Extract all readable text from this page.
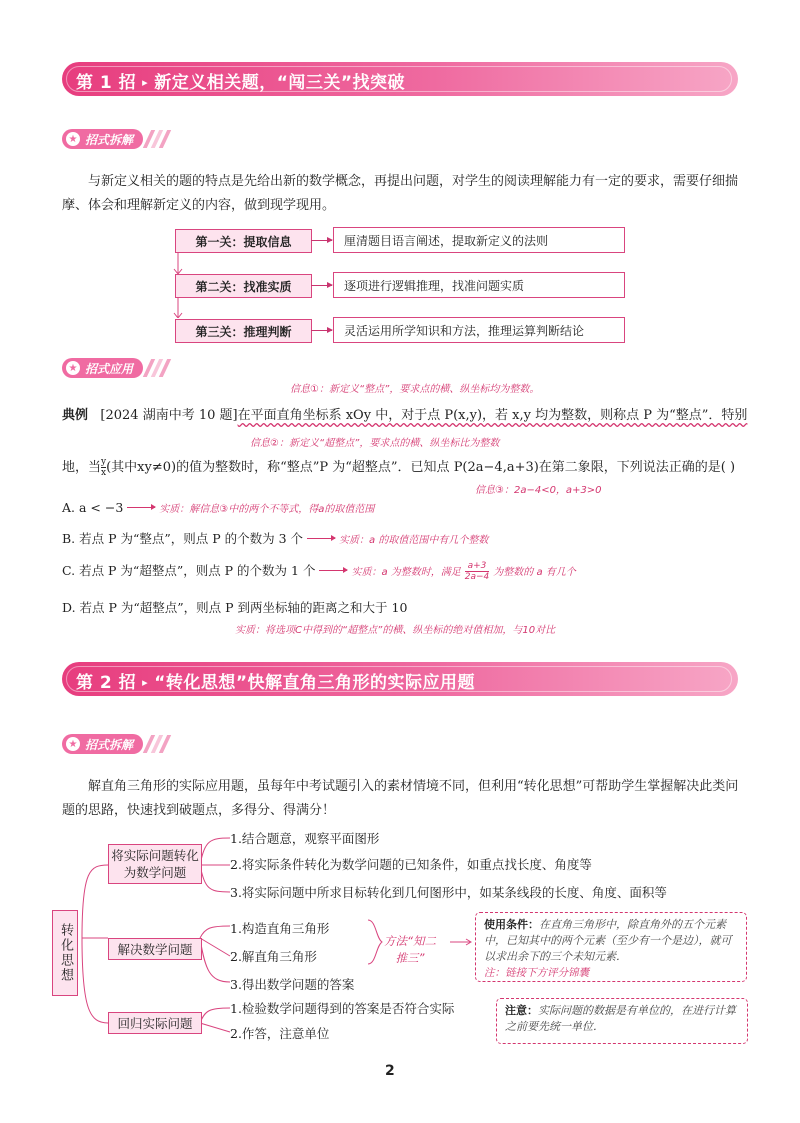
第 1 招 ▸ 新定义相关题，“闯三关”找突破
★ 招式拆解
与新定义相关的题的特点是先给出新的数学概念，再提出问题，对学生的阅读理解能力有一定的要求，需要仔细揣摩、体会和理解新定义的内容，做到现学现用。
第一关：提取信息	厘清题目语言阐述，提取新定义的法则
第二关：找准实质	逐项进行逻辑推理，找准问题实质
第三关：推理判断	灵活运用所学知识和方法，推理运算判断结论
★ 招式应用
信息①：新定义“整点”，要求点的横、纵坐标均为整数。
典例 [2024 湖南中考 10 题]在平面直角坐标系 xOy 中，对于点 P(x,y)，若 x,y 均为整数，则称点 P 为“整点”．特别
信息②：新定义“超整点”，要求点的横、纵坐标比为整数
地，当 $\frac{y}{x}$ (其中xy≠0)的值为整数时，称“整点”P 为“超整点”．已知点 P(2a−4,a+3)在第二象限，下列说法正确的是( )
信息③：2a−4<0，a+3>0
A. a < −3	实质：解信息③中的两个不等式，得a的取值范围
B. 若点 P 为“整点”，则点 P 的个数为 3 个	实质：a 的取值范围中有几个整数
C. 若点 P 为“超整点”，则点 P 的个数为 1 个	实质：a 为整数时，满足 $\frac{a+3}{2a-4}$ 为整数的 a 有几个
D. 若点 P 为“超整点”，则点 P 到两坐标轴的距离之和大于 10
实质：将选项C中得到的“超整点”的横、纵坐标的绝对值相加，与10对比
第 2 招 ▸ “转化思想”快解直角三角形的实际应用题
★ 招式拆解
解直角三角形的实际应用题，虽每年中考试题引入的素材情境不同，但利用“转化思想”可帮助学生掌握解决此类问题的思路，快速找到破题点，多得分、得满分！
转化思想
将实际问题转化为数学问题
1.结合题意，观察平面图形
2.将实际条件转化为数学问题的已知条件，如重点找长度、角度等
3.将实际问题中所求目标转化到几何图形中，如某条线段的长度、角度、面积等
解决数学问题
1.构造直角三角形
2.解直角三角形
3.得出数学问题的答案
回归实际问题
1.检验数学问题得到的答案是否符合实际
2.作答，注意单位
方法“知二推三”
使用条件：在直角三角形中，除直角外的五个元素中，已知其中的两个元素（至少有一个是边），就可以求出余下的三个未知元素．
注：链接下方评分锦囊
注意：实际问题的数据是有单位的，在进行计算之前要先统一单位．
2
